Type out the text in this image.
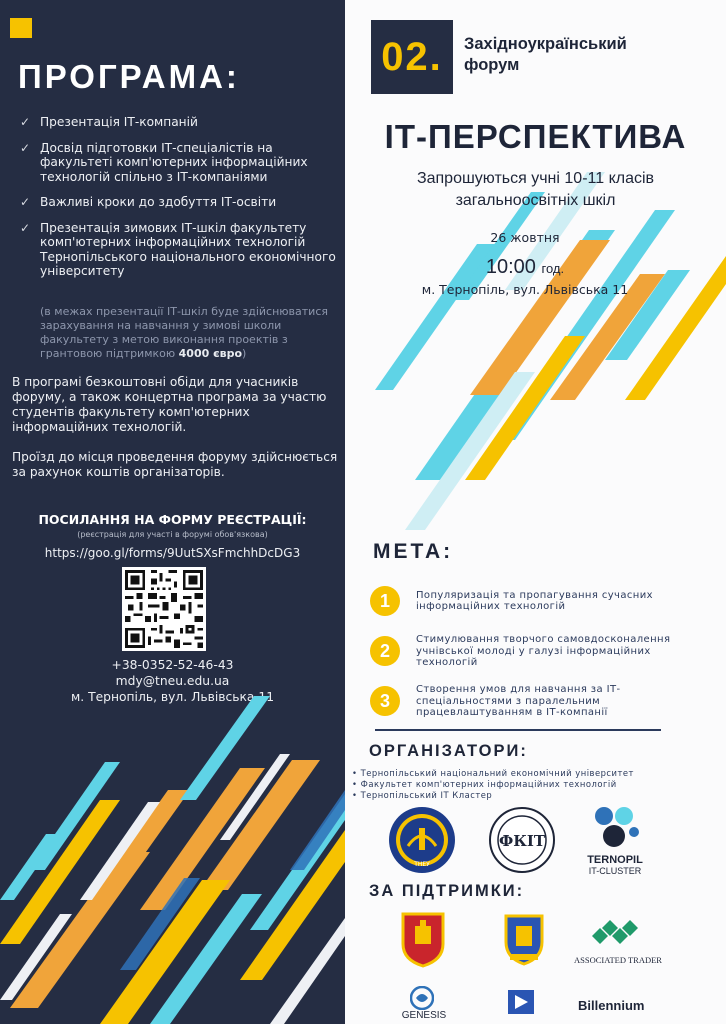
ПРОГРАМА:
✓ Презентація ІТ-компаній
✓ Досвід підготовки ІТ-спеціалістів на факультеті комп'ютерних інформаційних технологій спільно з ІТ-компаніями
✓ Важливі кроки до здобуття ІТ-освіти
✓ Презентація зимових ІТ-шкіл факультету комп'ютерних інформаційних технологій Тернопільського національного економічного університету
(в межах презентації ІТ-шкіл буде здійснюватися зарахування на навчання у зимові школи факультету з метою виконання проектів з грантовою підтримкою 4000 євро)
В програмі безкоштовні обіди для учасників форуму, а також концертна програма за участю студентів факультету комп'ютерних інформаційних технологій.
Проїзд до місця проведення форуму здійснюється за рахунок коштів організаторів.
ПОСИЛАННЯ НА ФОРМУ РЕЄСТРАЦІЇ:
(реєстрація для участі в форумі обов'язкова)
https://goo.gl/forms/9UutSXsFmchhDcDG3
+38-0352-52-46-43
mdy@tneu.edu.ua
м. Тернопіль, вул. Львівська 11
02.	Західноукраїнський форум
ІТ-ПЕРСПЕКТИВА
Запрошуються учні 10-11 класів
загальноосвітніх шкіл
26 жовтня
10:00 год.
м. Тернопіль, вул. Львівська 11
МЕТА:
1	Популяризація та пропагування сучасних інформаційних технологій
2
Стимулювання творчого самовдосконалення учнівської молоді у галузі інформаційних технологій
3
Створення умов для навчання за ІТ-спеціальностями з паралельним працевлаштуванням в ІТ-компанії
ОРГАНІЗАТОРИ:
• Тернопільський національний економічний університет
• Факультет комп'ютерних інформаційних технологій
• Тернопільський ІТ Кластер
ТНЕУ
ФКІТ
TERNOPIL
IT-CLUSTER
ЗА ПІДТРИМКИ:
ASSOCIATED TRADER
GENESIS
Billennium
